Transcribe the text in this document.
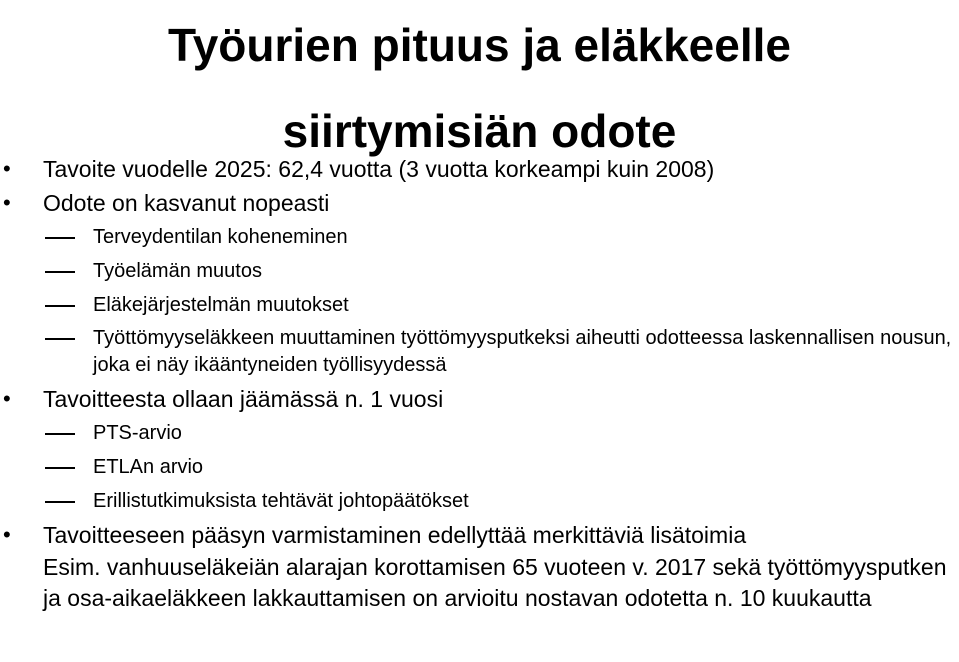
Työurien pituus ja eläkkeelle
siirtymisiän odote
•	Tavoite vuodelle 2025: 62,4 vuotta (3 vuotta korkeampi kuin 2008)
•	Odote on kasvanut nopeasti
Terveydentilan koheneminen
Työelämän muutos
Eläkejärjestelmän muutokset
Työttömyyseläkkeen muuttaminen työttömyysputkeksi aiheutti odotteessa laskennallisen nousun, joka ei näy ikääntyneiden työllisyydessä
•	Tavoitteesta ollaan jäämässä n. 1 vuosi
PTS-arvio
ETLAn arvio
Erillistutkimuksista tehtävät johtopäätökset
•	Tavoitteeseen pääsyn varmistaminen edellyttää merkittäviä lisätoimia
Esim. vanhuuseläkeiän alarajan korottamisen 65 vuoteen v. 2017 sekä työttömyysputken ja osa-aikaeläkkeen lakkauttamisen on arvioitu nostavan odotetta n. 10 kuukautta
